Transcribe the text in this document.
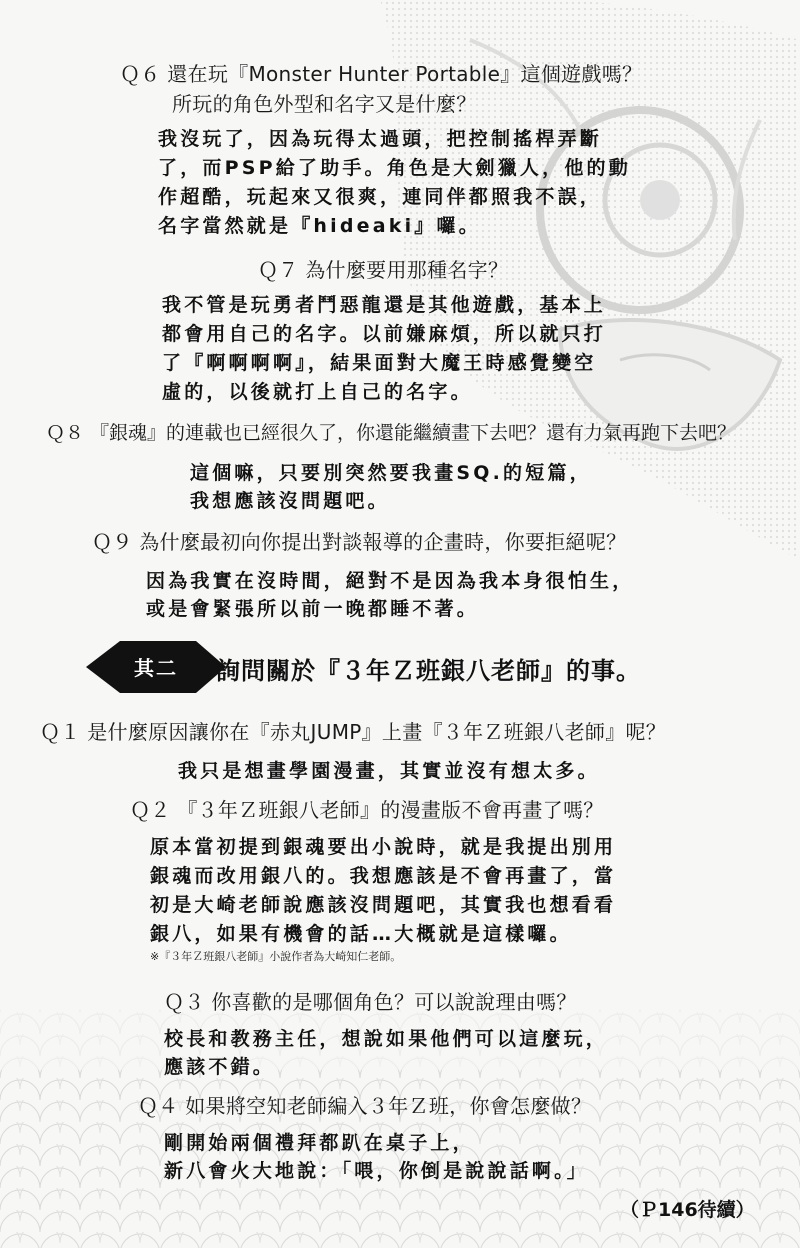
Ｑ６ 還在玩『Monster Hunter Portable』這個遊戲嗎？

所玩的角色外型和名字又是什麼？

我沒玩了，因為玩得太過頭，把控制搖桿弄斷

了，而PSP給了助手。角色是大劍獵人，他的動

作超酷，玩起來又很爽，連同伴都照我不誤，

名字當然就是『hideaki』囉。

Ｑ７ 為什麼要用那種名字？

我不管是玩勇者鬥惡龍還是其他遊戲，基本上

都會用自己的名字。以前嫌麻煩，所以就只打

了『啊啊啊啊』，結果面對大魔王時感覺變空

虛的，以後就打上自己的名字。

Ｑ８ 『銀魂』的連載也已經很久了，你還能繼續畫下去吧？還有力氣再跑下去吧？

這個嘛，只要別突然要我畫SQ.的短篇，

我想應該沒問題吧。

Ｑ９ 為什麼最初向你提出對談報導的企畫時，你要拒絕呢？

因為我實在沒時間，絕對不是因為我本身很怕生，

或是會緊張所以前一晚都睡不著。

其二	詢問關於『３年Ｚ班銀八老師』的事。

Ｑ１ 是什麼原因讓你在『赤丸JUMP』上畫『３年Ｚ班銀八老師』呢？

我只是想畫學園漫畫，其實並沒有想太多。

Ｑ２ 『３年Ｚ班銀八老師』的漫畫版不會再畫了嗎？

原本當初提到銀魂要出小說時，就是我提出別用

銀魂而改用銀八的。我想應該是不會再畫了，當

初是大崎老師說應該沒問題吧，其實我也想看看

銀八，如果有機會的話…大概就是這樣囉。

※『３年Ｚ班銀八老師』小說作者為大崎知仁老師。

Ｑ３ 你喜歡的是哪個角色？可以說說理由嗎？

校長和教務主任，想說如果他們可以這麼玩，

應該不錯。

Ｑ４ 如果將空知老師編入３年Ｚ班，你會怎麼做？

剛開始兩個禮拜都趴在桌子上，

新八會火大地說：「喂，你倒是說說話啊。」

（Ｐ146待續）
